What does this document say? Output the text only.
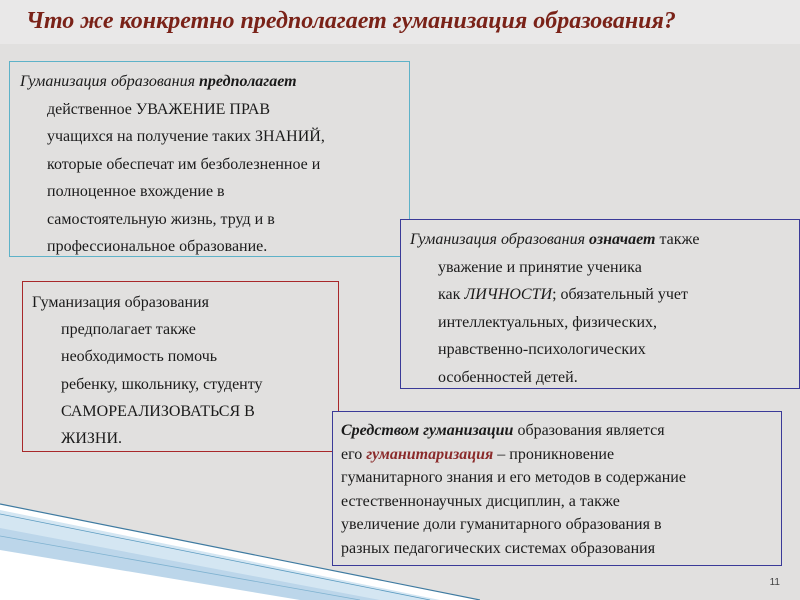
Что же конкретно предполагает гуманизация образования?

Гуманизация образования предполагает

действенное УВАЖЕНИЕ ПРАВ

учащихся на получение таких ЗНАНИЙ,

которые обеспечат им безболезненное и

полноценное вхождение в

самостоятельную жизнь, труд и в

профессиональное образование.

Гуманизация образования

предполагает также

необходимость помочь

ребенку, школьнику, студенту

САМОРЕАЛИЗОВАТЬСЯ В

ЖИЗНИ.

Гуманизация образования означает также

уважение и принятие ученика

как ЛИЧНОСТИ; обязательный учет

интеллектуальных, физических,

нравственно-психологических

особенностей детей.

Средством гуманизации образования является

его гуманитаризация – проникновение

гуманитарного знания и его методов в содержание

естественнонаучных дисциплин, а также

увеличение доли гуманитарного образования в

разных педагогических системах образования

11
